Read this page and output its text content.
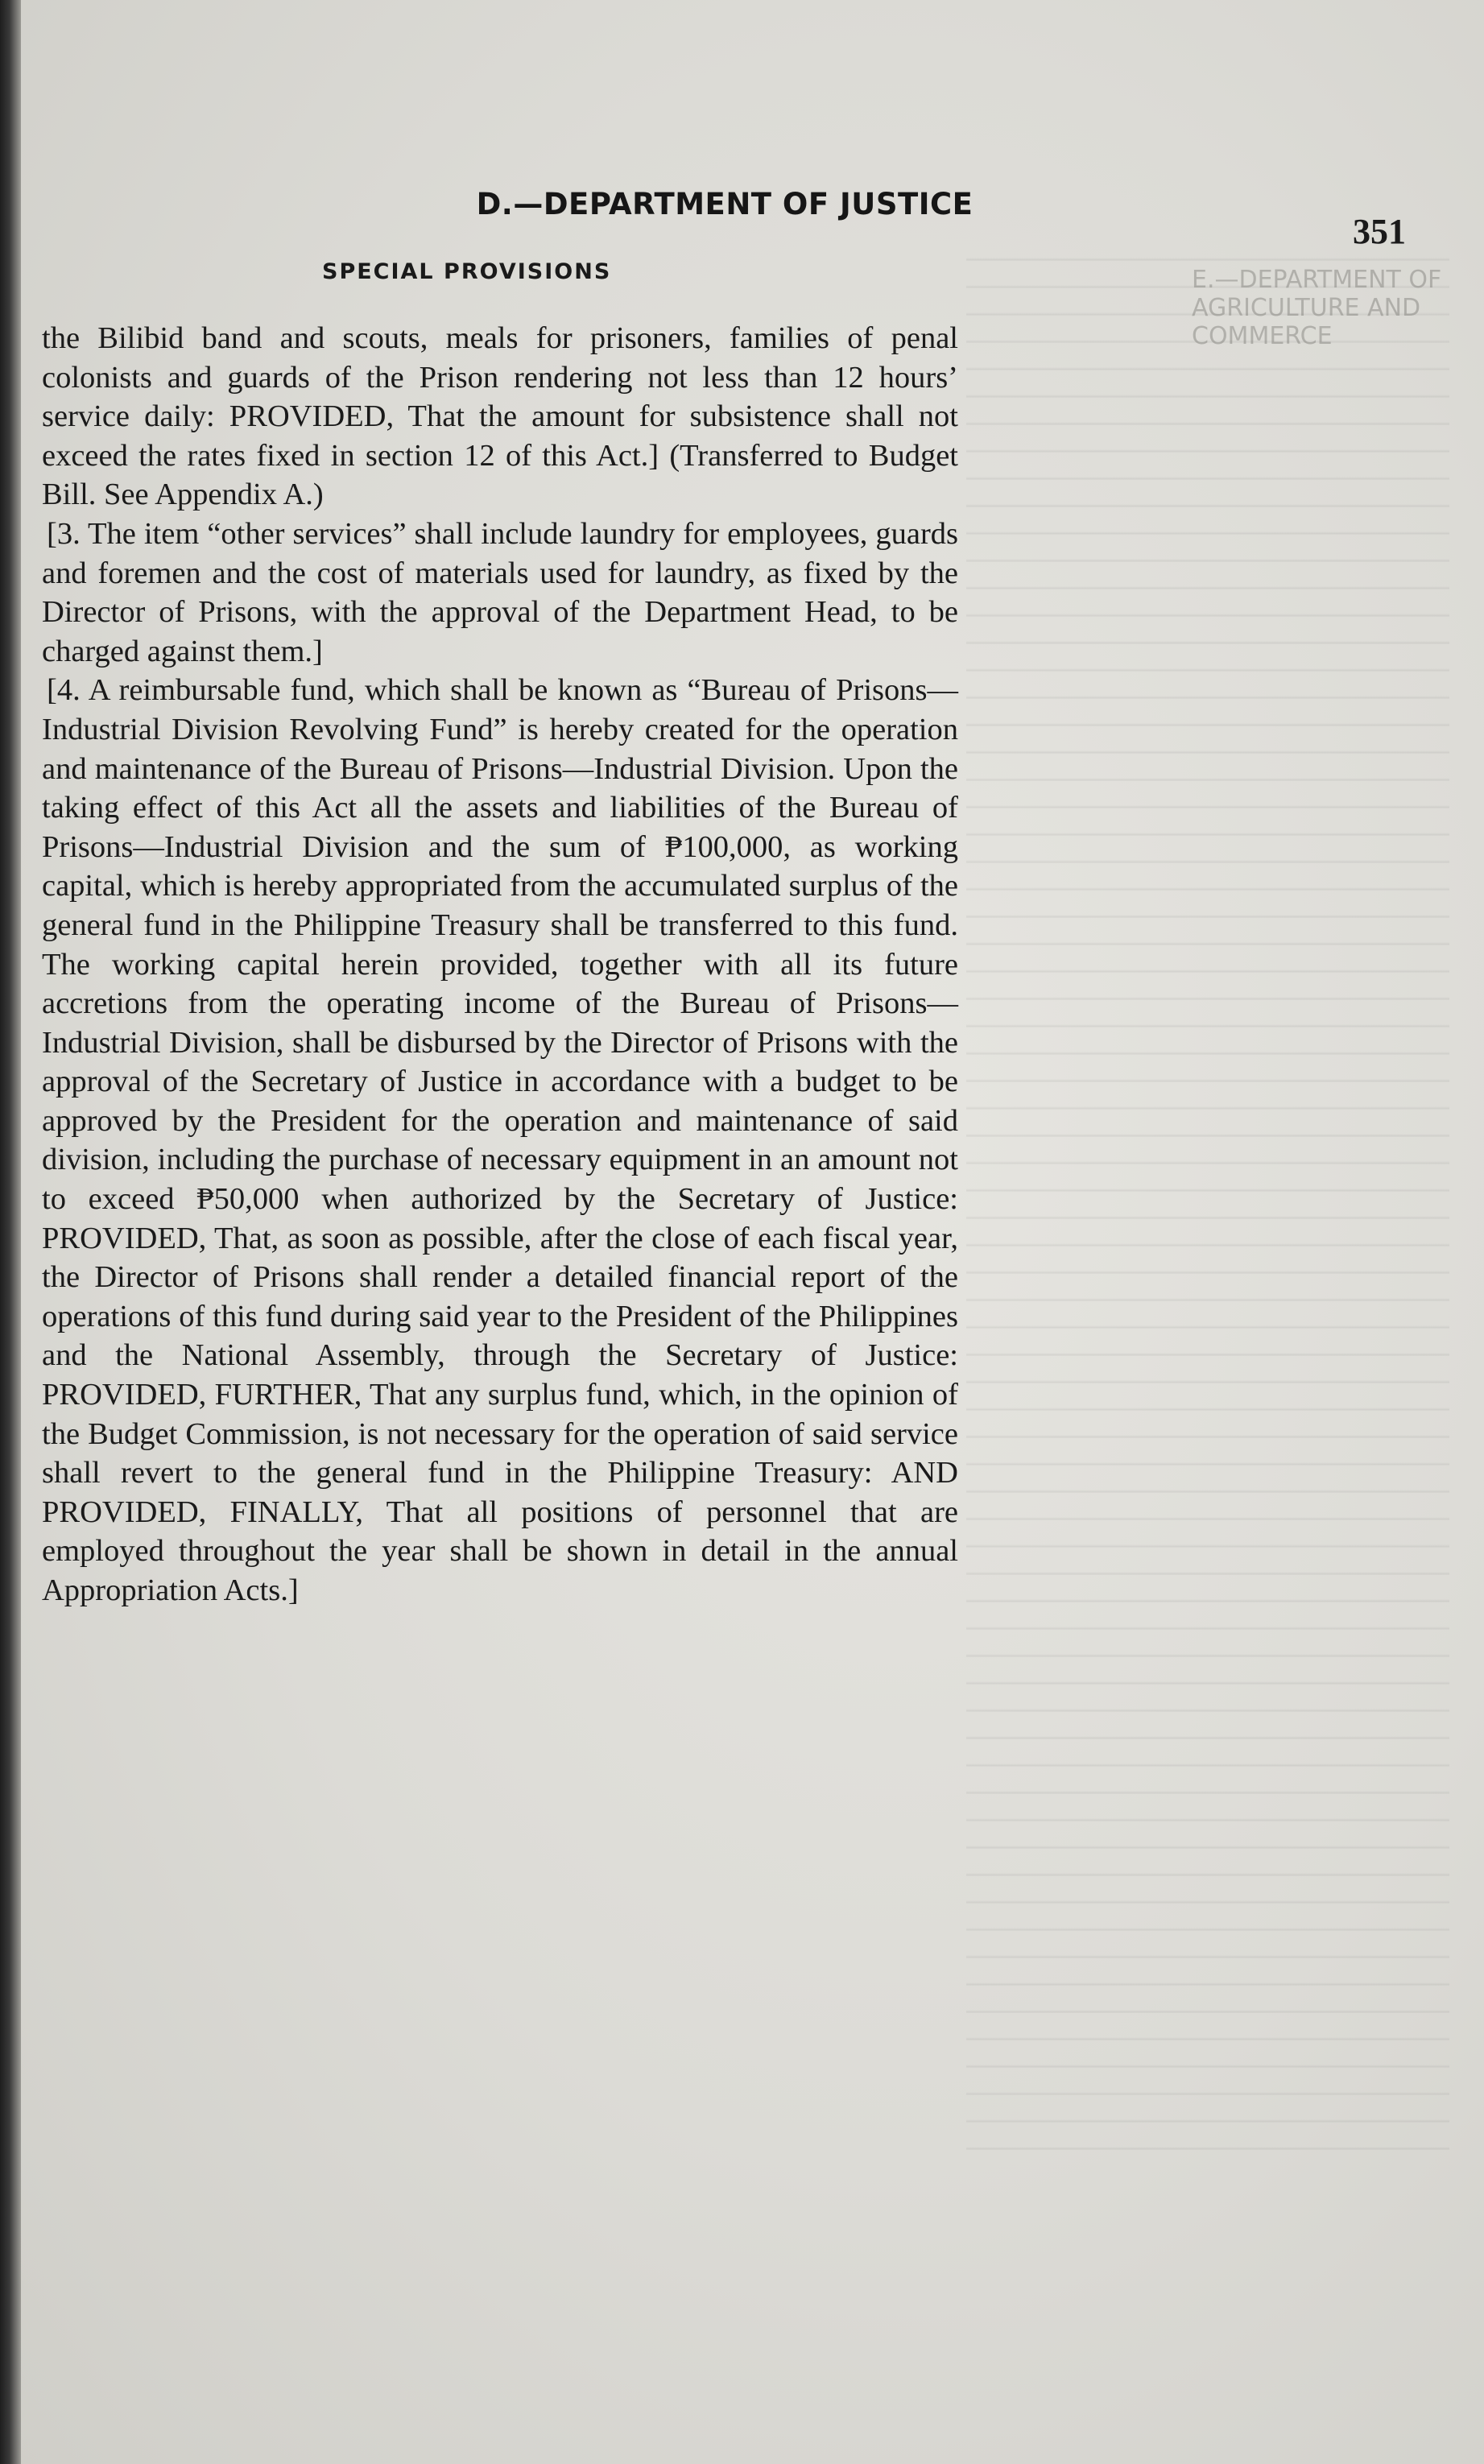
E.—DEPARTMENT OF AGRICULTURE AND COMMERCE
D.—DEPARTMENT OF JUSTICE
351
SPECIAL PROVISIONS

the Bilibid band and scouts, meals for prisoners, families of penal colonists and guards of the Prison rendering not less than 12 hours’ service daily: PROVIDED, That the amount for subsistence shall not exceed the rates fixed in section 12 of this Act.] (Transferred to Budget Bill. See Appendix A.)

[3. The item “other services” shall include laundry for employees, guards and foremen and the cost of materials used for laundry, as fixed by the Director of Prisons, with the approval of the Department Head, to be charged against them.]

[4. A reimbursable fund, which shall be known as “Bureau of Prisons—Industrial Division Revolving Fund” is hereby created for the operation and maintenance of the Bureau of Prisons—Industrial Division. Upon the taking effect of this Act all the assets and liabilities of the Bureau of Prisons—Industrial Division and the sum of ₱100,000, as working capital, which is hereby appropriated from the accumulated surplus of the general fund in the Philippine Treasury shall be transferred to this fund. The working capital herein provided, together with all its future accretions from the operating income of the Bureau of Prisons—Industrial Division, shall be disbursed by the Director of Prisons with the approval of the Secretary of Justice in accordance with a budget to be approved by the President for the operation and maintenance of said division, including the purchase of necessary equipment in an amount not to exceed ₱50,000 when authorized by the Secretary of Justice: PROVIDED, That, as soon as possible, after the close of each fiscal year, the Director of Prisons shall render a detailed financial report of the operations of this fund during said year to the President of the Philippines and the National Assembly, through the Secretary of Justice: PROVIDED, FURTHER, That any surplus fund, which, in the opinion of the Budget Commission, is not necessary for the operation of said service shall revert to the general fund in the Philippine Treasury: AND PROVIDED, FINALLY, That all positions of personnel that are employed throughout the year shall be shown in detail in the annual Appropriation Acts.]
